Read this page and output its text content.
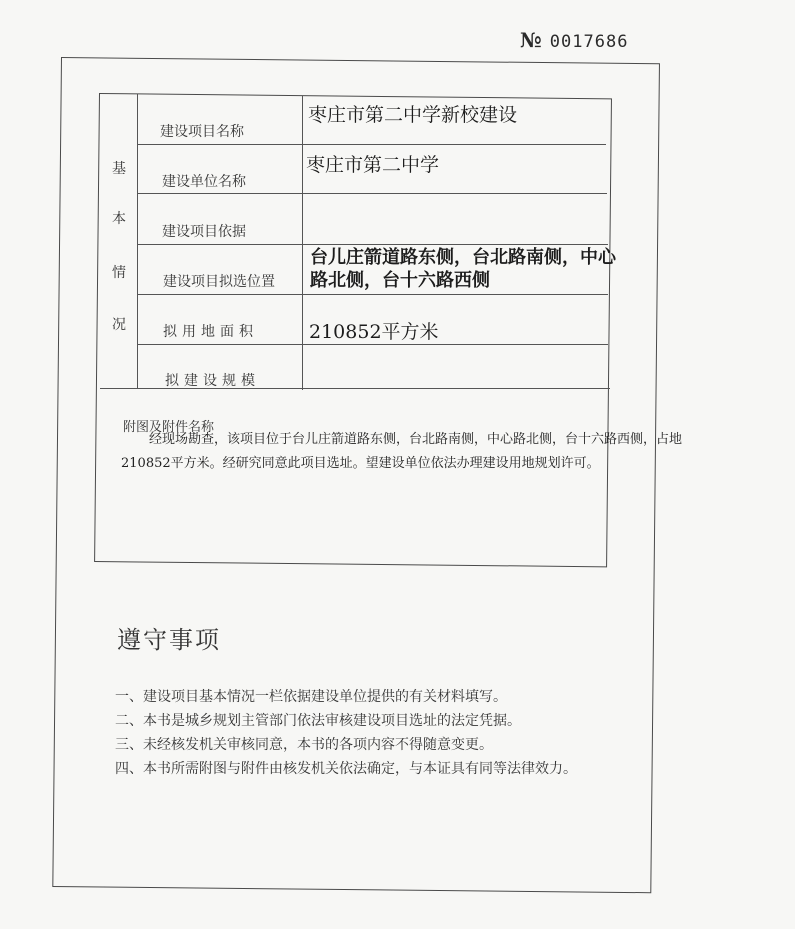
№ 0017686
基
本
情
况
建设项目名称
建设单位名称
建设项目依据
建设项目拟选位置
拟用地面积
拟建设规模
枣庄市第二中学新校建设
枣庄市第二中学
台儿庄箭道路东侧，台北路南侧，中心
路北侧，台十六路西侧
210852平方米
附图及附件名称
经现场勘查，该项目位于台儿庄箭道路东侧，台北路南侧，中心路北侧，台十六路西侧，占地210852平方米。经研究同意此项目选址。望建设单位依法办理建设用地规划许可。
遵守事项
一、 建设项目基本情况一栏依据建设单位提供的有关材料填写。
二、 本书是城乡规划主管部门依法审核建设项目选址的法定凭据。
三、 未经核发机关审核同意，本书的各项内容不得随意变更。
四、 本书所需附图与附件由核发机关依法确定，与本证具有同等法律效力。
